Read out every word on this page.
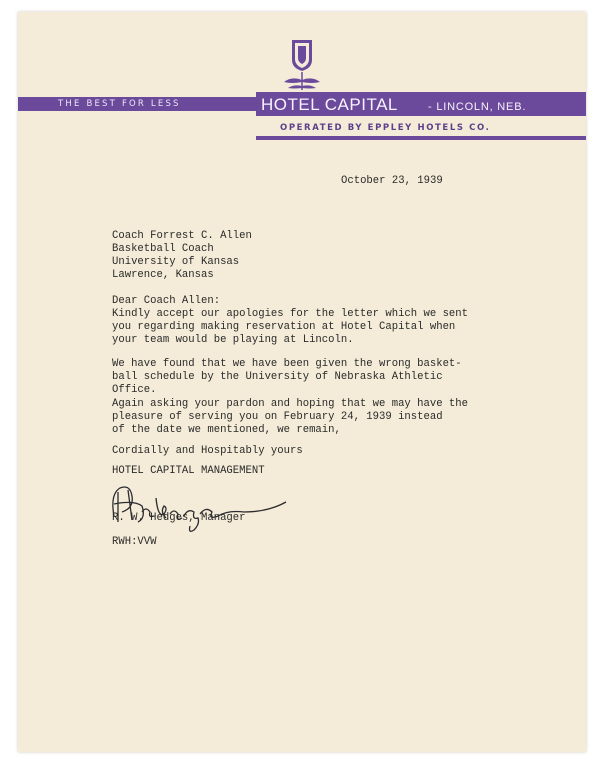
THE BEST FOR LESS	HOTEL CAPITAL	- LINCOLN, NEB.
OPERATED BY EPPLEY HOTELS CO.
October 23, 1939
Coach Forrest C. Allen
Basketball Coach
University of Kansas
Lawrence, Kansas
Dear Coach Allen:
Kindly accept our apologies for the letter which we sent
you regarding making reservation at Hotel Capital when
your team would be playing at Lincoln.
We have found that we have been given the wrong basket-
ball schedule by the University of Nebraska Athletic
Office.
Again asking your pardon and hoping that we may have the
pleasure of serving you on February 24, 1939 instead
of the date we mentioned, we remain,
Cordially and Hospitably yours
HOTEL CAPITAL MANAGEMENT
R. W. Hedges, Manager
RWH:VVW
